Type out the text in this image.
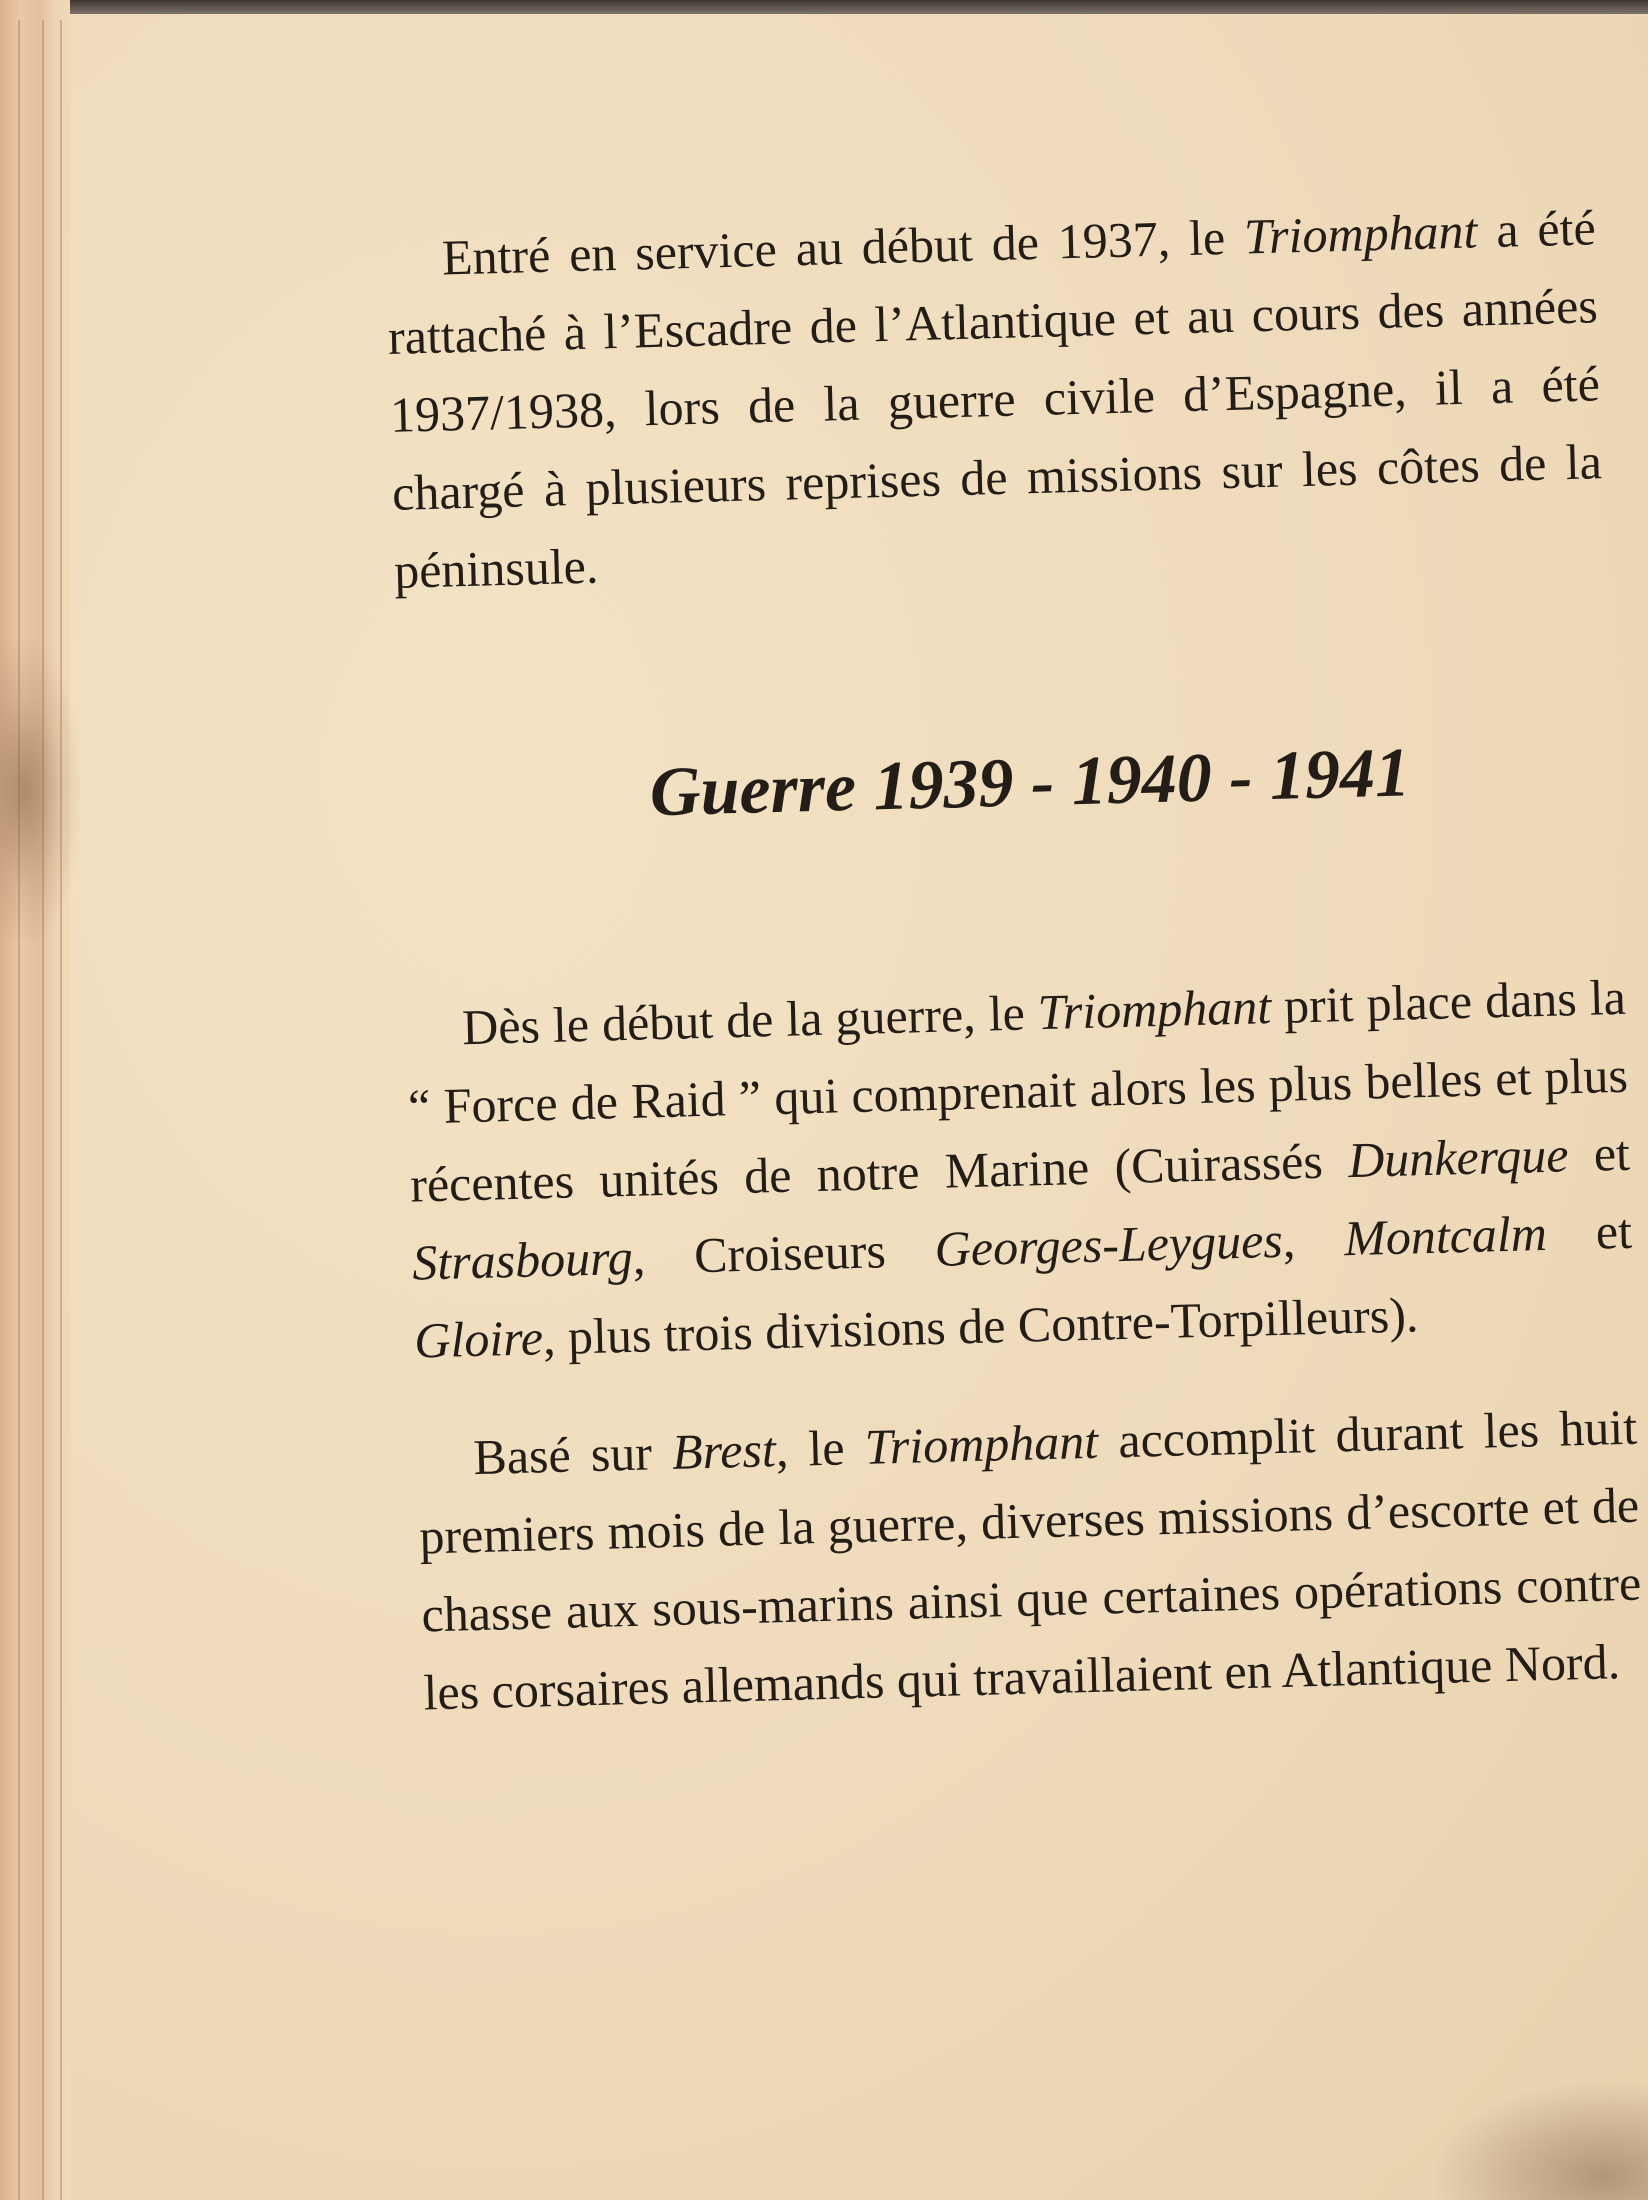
Entré en service au début de 1937, le Triomphant a été rattaché à l’Escadre de l’Atlantique et au cours des années 1937/1938, lors de la guerre civile d’Espagne, il a été chargé à plusieurs reprises de missions sur les côtes de la péninsule.

Guerre 1939 - 1940 - 1941

Dès le début de la guerre, le Triomphant prit place dans la “ Force de Raid ” qui comprenait alors les plus belles et plus récentes unités de notre Marine (Cuirassés Dunkerque et Strasbourg, Croiseurs Georges-Leygues, Montcalm et Gloire, plus trois divisions de Contre-Torpilleurs).

Basé sur Brest, le Triomphant accomplit durant les huit premiers mois de la guerre, diverses missions d’escorte et de chasse aux sous-marins ainsi que certaines opérations contre les corsaires allemands qui travaillaient en Atlantique Nord.
